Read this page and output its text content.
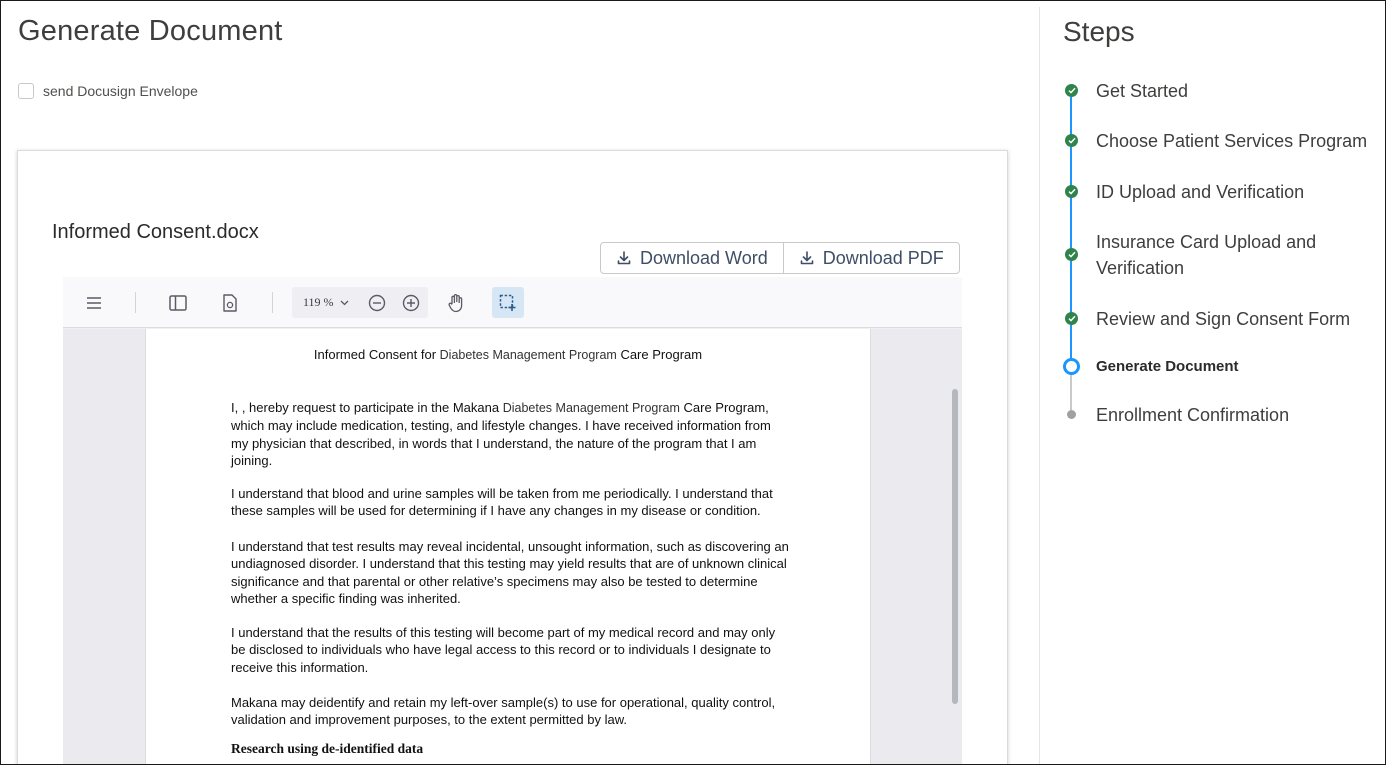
Generate Document
send Docusign Envelope
Informed Consent.docx
Download Word	Download PDF
119 %
Informed Consent for Diabetes Management Program Care Program
I, , hereby request to participate in the Makana Diabetes Management Program Care Program, which may include medication, testing, and lifestyle changes. I have received information from my physician that described, in words that I understand, the nature of the program that I am joining.
I understand that blood and urine samples will be taken from me periodically. I understand that these samples will be used for determining if I have any changes in my disease or condition.
I understand that test results may reveal incidental, unsought information, such as discovering an undiagnosed disorder. I understand that this testing may yield results that are of unknown clinical significance and that parental or other relative’s specimens may also be tested to determine whether a specific finding was inherited.
I understand that the results of this testing will become part of my medical record and may only be disclosed to individuals who have legal access to this record or to individuals I designate to receive this information.
Makana may deidentify and retain my left-over sample(s) to use for operational, quality control, validation and improvement purposes, to the extent permitted by law.
Research using de-identified data
Steps
Get Started
Choose Patient Services Program
ID Upload and Verification
Insurance Card Upload and Verification
Review and Sign Consent Form
Generate Document
Enrollment Confirmation
